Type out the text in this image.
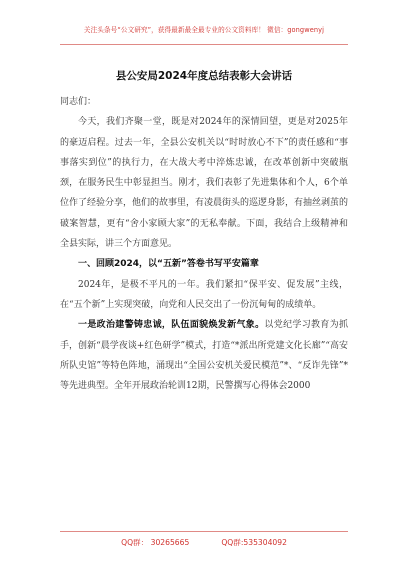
关注头条号“公文研究”，获得最新最全最专业的公文资料库！ 微信：gongwenyj
县公安局2024年度总结表彰大会讲话

同志们：

今天，我们齐聚一堂，既是对2024年的深情回望，更是对2025年的豪迈启程。过去一年，全县公安机关以“时时放心不下”的责任感和“事事落实到位”的执行力，在大战大考中淬炼忠诚，在改革创新中突破瓶颈，在服务民生中彰显担当。刚才，我们表彰了先进集体和个人，6个单位作了经验分享，他们的故事里，有凌晨街头的巡逻身影，有抽丝剥茧的破案智慧，更有“舍小家顾大家”的无私奉献。下面，我结合上级精神和全县实际，讲三个方面意见。

一、回顾2024，以“五新”答卷书写平安篇章

2024年，是极不平凡的一年。我们紧扣“保平安、促发展”主线，在“五个新”上实现突破，向党和人民交出了一份沉甸甸的成绩单。

一是政治建警铸忠诚，队伍面貌焕发新气象。以党纪学习教育为抓手，创新“晨学夜谈+红色研学”模式，打造“*派出所党建文化长廊”“高安所队史馆”等特色阵地，涌现出“全国公安机关爱民模范”*、“反诈先锋”*等先进典型。全年开展政治轮训12期，民警撰写心得体会2000

QQ群： 30265665	QQ群:535304092
